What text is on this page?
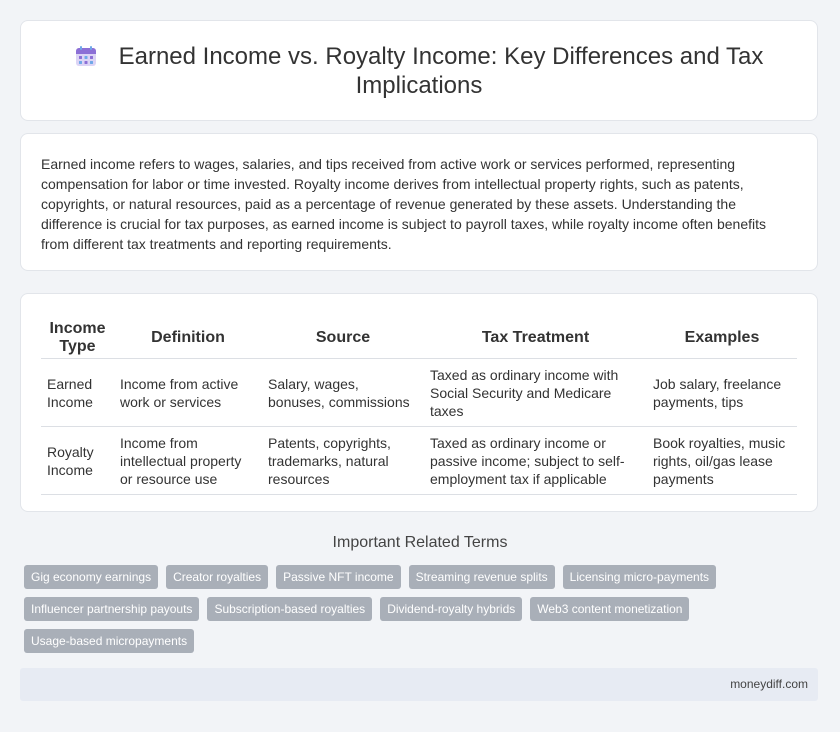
Earned Income vs. Royalty Income: Key Differences and Tax Implications
Earned income refers to wages, salaries, and tips received from active work or services performed, representing compensation for labor or time invested. Royalty income derives from intellectual property rights, such as patents, copyrights, or natural resources, paid as a percentage of revenue generated by these assets. Understanding the difference is crucial for tax purposes, as earned income is subject to payroll taxes, while royalty income often benefits from different tax treatments and reporting requirements.
Income Type	Definition	Source	Tax Treatment	Examples
Earned Income	Income from active work or services	Salary, wages, bonuses, commissions	Taxed as ordinary income with Social Security and Medicare taxes	Job salary, freelance payments, tips
Royalty Income	Income from intellectual property or resource use	Patents, copyrights, trademarks, natural resources	Taxed as ordinary income or passive income; subject to self-employment tax if applicable	Book royalties, music rights, oil/gas lease payments
Important Related Terms
Gig economy earnings	Creator royalties	Passive NFT income	Streaming revenue splits	Licensing micro-payments
Influencer partnership payouts	Subscription-based royalties	Dividend-royalty hybrids	Web3 content monetization
Usage-based micropayments
moneydiff.com
